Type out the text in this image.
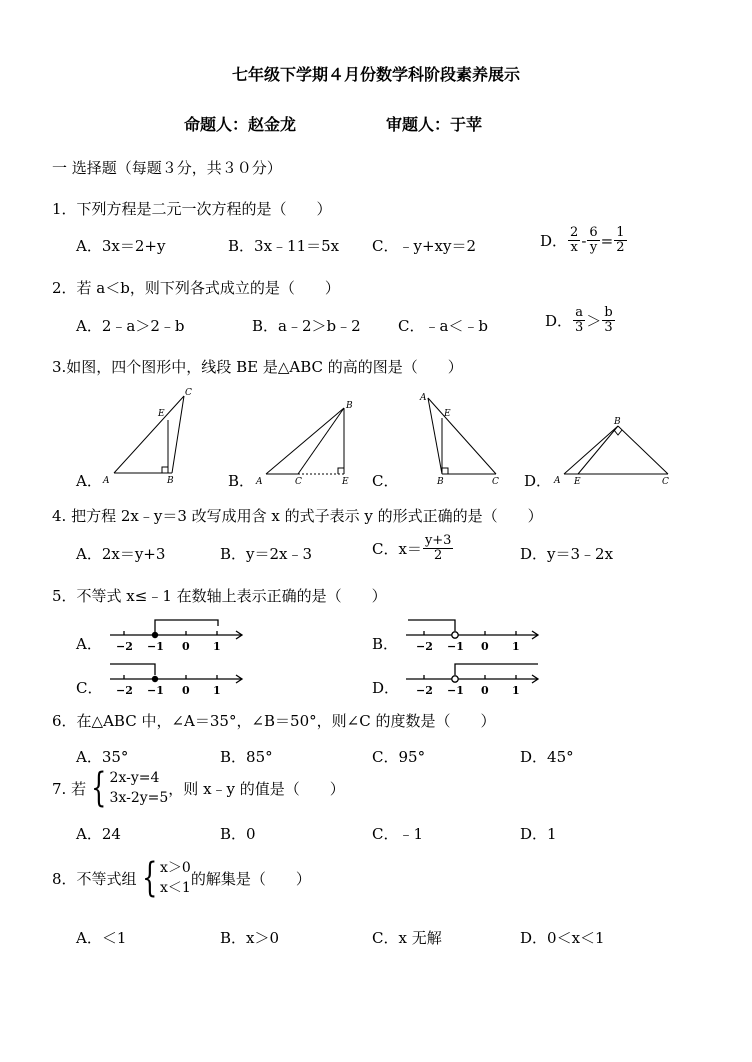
七年级下学期４月份数学科阶段素养展示
命题人：赵金龙	审题人：于苹
一 选择题（每题３分，共３０分）
1．下列方程是二元一次方程的是（　　）
A．3x＝2+y	B．3x﹣11＝5x C．﹣y+xy＝2	D． $\frac{2}{x} - \frac{6}{y} = \frac{1}{2}$
2．若 a＜b，则下列各式成立的是（　　）
A．2﹣a＞2﹣b	B．a﹣2＞b﹣2 C．﹣a＜﹣b	D． $\frac{a}{3} > \frac{b}{3}$
3.如图，四个图形中，线段 BE 是△ABC 的高的图是（　　）
A．	B．	C．	D．
A	B
C
E
A	C
B
E
A
E
B	C	A E
B
C
4. 把方程 2x﹣y＝3 改写成用含 x 的式子表示 y 的形式正确的是（　　）
A．2x＝y+3	B．y＝2x﹣3	C．$x= \frac{y+3}{2}$	D．y＝3﹣2x
5．不等式 x≤﹣1 在数轴上表示正确的是（　　）
A．	B．
C．	D．
−2 −1 0 1	−2 −1 0 1
−2 −1 0 1	−2 −1 0 1
6．在△ABC 中，∠A＝35°，∠B＝50°，则∠C 的度数是（　　）
A．35°	B．85°	C．95°	D．45°
7. 若 { 2x-y=4
3x-2y=5
，则 x﹣y 的值是（　　）
A．24	B．0	C．﹣1	D．1
8．不等式组 { x＞0
x＜1
的解集是（　　）
A．＜1	B．x＞0	C．x 无解	D．0＜x＜1
